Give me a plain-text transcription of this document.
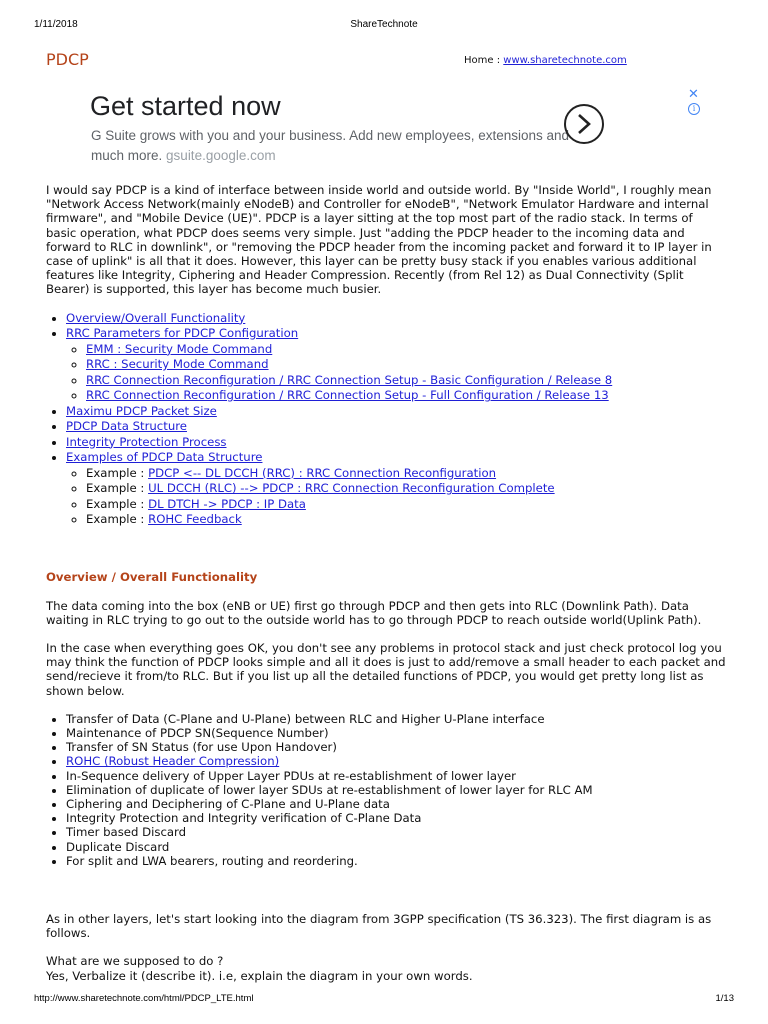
1/11/2018	ShareTechnote
PDCP	Home : www.sharetechnote.com
Get started now
G Suite grows with you and your business. Add new employees, extensions and much more. gsuite.google.com
✕
i

I would say PDCP is a kind of interface between inside world and outside world. By "Inside World", I roughly mean "Network Access Network(mainly eNodeB) and Controller for eNodeB", "Network Emulator Hardware and internal firmware", and "Mobile Device (UE)". PDCP is a layer sitting at the top most part of the radio stack. In terms of basic operation, what PDCP does seems very simple. Just "adding the PDCP header to the incoming data and forward to RLC in downlink", or "removing the PDCP header from the incoming packet and forward it to IP layer in case of uplink" is all that it does. However, this layer can be pretty busy stack if you enables various additional features like Integrity, Ciphering and Header Compression. Recently (from Rel 12) as Dual Connectivity (Split Bearer) is supported, this layer has become much busier.

• Overview/Overall Functionality
• RRC Parameters for PDCP Configuration
◦ EMM : Security Mode Command
◦ RRC : Security Mode Command
◦ RRC Connection Reconfiguration / RRC Connection Setup - Basic Configuration / Release 8
◦ RRC Connection Reconfiguration / RRC Connection Setup - Full Configuration / Release 13
• Maximu PDCP Packet Size
• PDCP Data Structure
• Integrity Protection Process
• Examples of PDCP Data Structure
◦ Example : PDCP <-- DL DCCH (RRC) : RRC Connection Reconfiguration
◦ Example : UL DCCH (RLC) --> PDCP : RRC Connection Reconfiguration Complete
◦ Example : DL DTCH -> PDCP : IP Data
◦ Example : ROHC Feedback
Overview / Overall Functionality

The data coming into the box (eNB or UE) first go through PDCP and then gets into RLC (Downlink Path). Data waiting in RLC trying to go out to the outside world has to go through PDCP to reach outside world(Uplink Path).

In the case when everything goes OK, you don't see any problems in protocol stack and just check protocol log you may think the function of PDCP looks simple and all it does is just to add/remove a small header to each packet and send/recieve it from/to RLC. But if you list up all the detailed functions of PDCP, you would get pretty long list as shown below.

• Transfer of Data (C-Plane and U-Plane) between RLC and Higher U-Plane interface
• Maintenance of PDCP SN(Sequence Number)
• Transfer of SN Status (for use Upon Handover)
• ROHC (Robust Header Compression)
• In-Sequence delivery of Upper Layer PDUs at re-establishment of lower layer
• Elimination of duplicate of lower layer SDUs at re-establishment of lower layer for RLC AM
• Ciphering and Deciphering of C-Plane and U-Plane data
• Integrity Protection and Integrity verification of C-Plane Data
• Timer based Discard
• Duplicate Discard
• For split and LWA bearers, routing and reordering.

As in other layers, let's start looking into the diagram from 3GPP specification (TS 36.323). The first diagram is as follows.

What are we supposed to do ?

Yes, Verbalize it (describe it). i.e, explain the diagram in your own words.

http://www.sharetechnote.com/html/PDCP_LTE.html	1/13
